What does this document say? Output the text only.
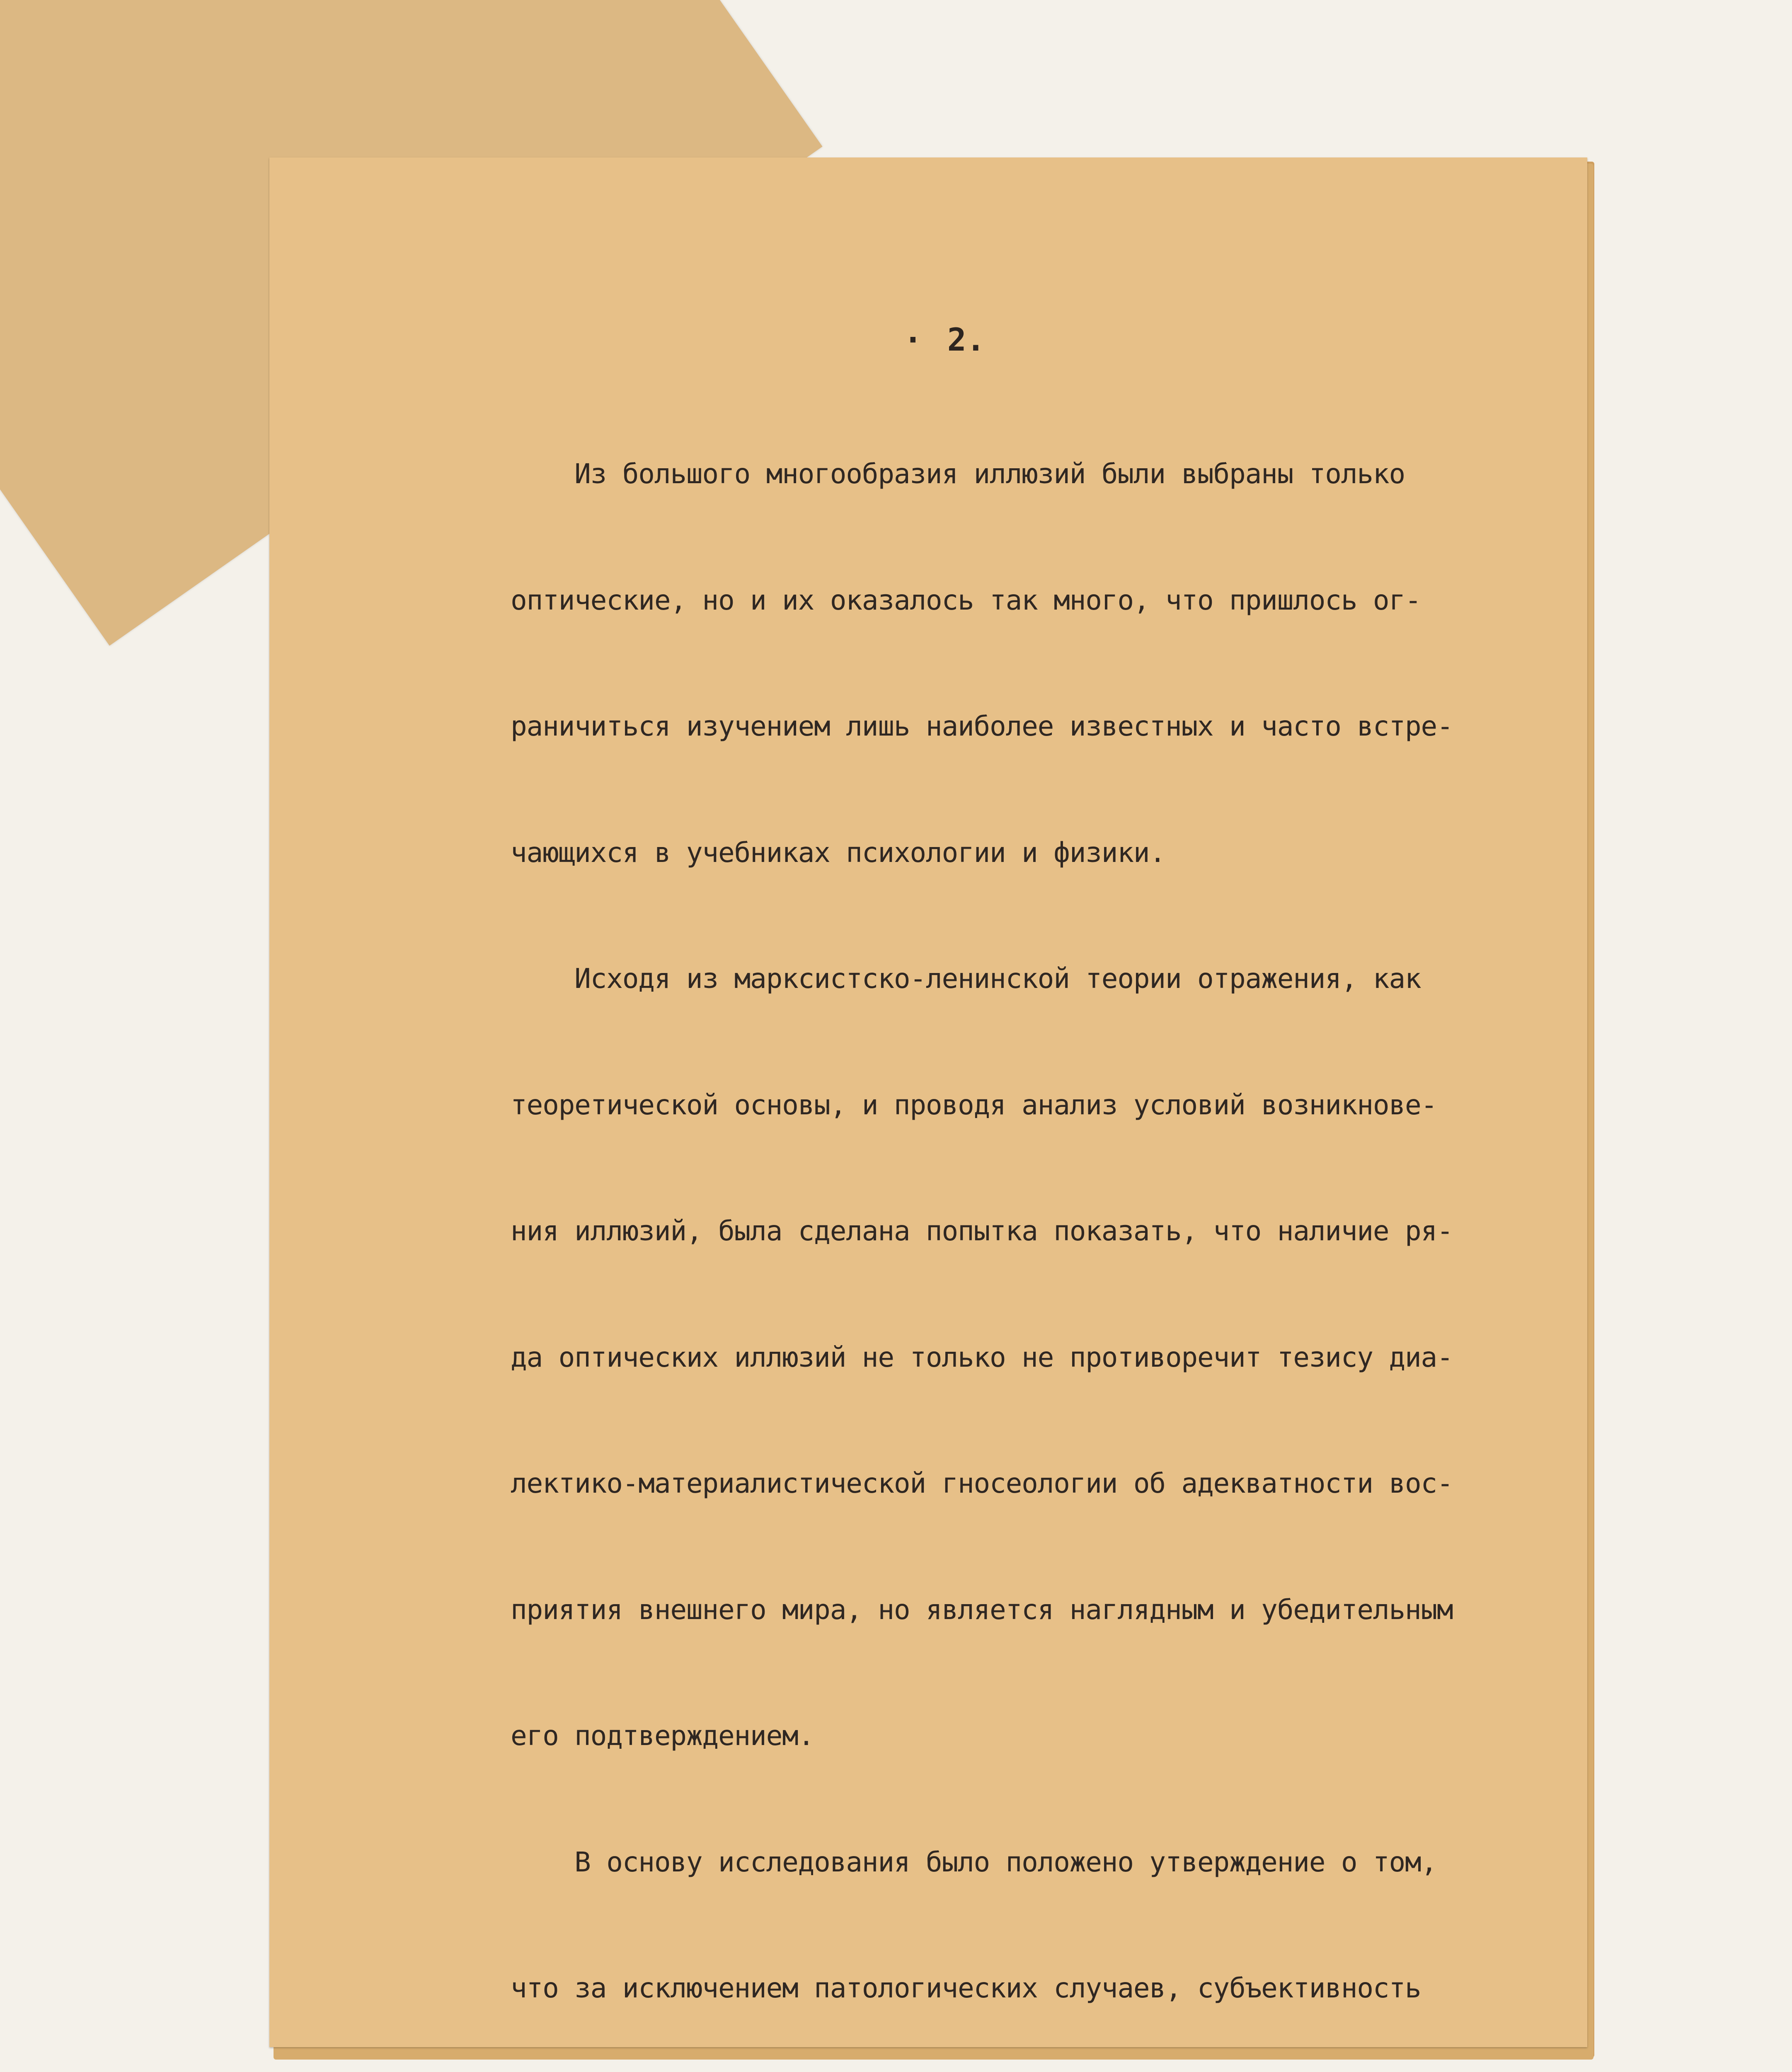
· 2.

Из большого многообразия иллюзий были выбраны только

оптические, но и их оказалось так много, что пришлось ог-

раничиться изучением лишь наиболее известных и часто встре-

чающихся в учебниках психологии и физики.

Исходя из марксистско-ленинской теории отражения, как

теоретической основы, и проводя анализ условий возникнове-

ния иллюзий, была сделана попытка показать, что наличие ря-

да оптических иллюзий не только не противоречит тезису диа-

лектико-материалистической гносеологии об адекватности вос-

приятия внешнего мира, но является наглядным и убедительным

его подтверждением.

В основу исследования было положено утверждение о том,

что за исключением патологических случаев, субъективность
